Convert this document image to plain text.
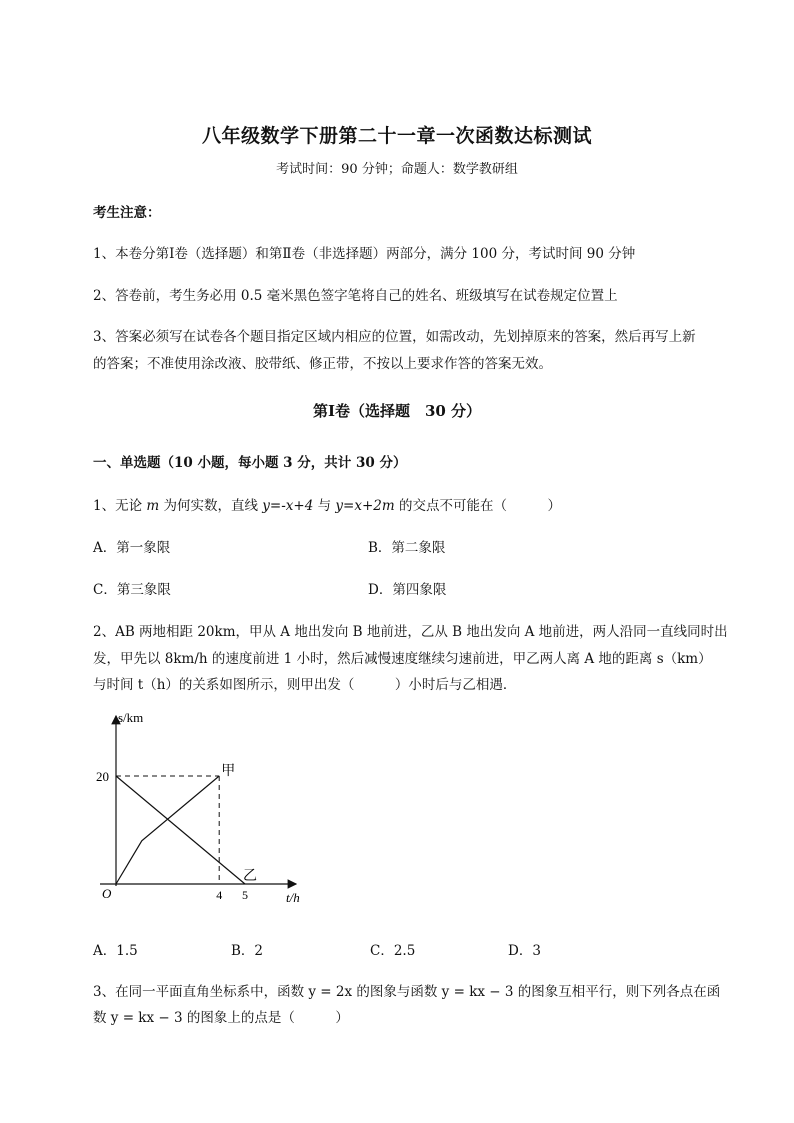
八年级数学下册第二十一章一次函数达标测试
考试时间：90 分钟；命题人：数学教研组
考生注意：
1、本卷分第Ⅰ卷（选择题）和第Ⅱ卷（非选择题）两部分，满分 100 分，考试时间 90 分钟
2、答卷前，考生务必用 0.5 毫米黑色签字笔将自己的姓名、班级填写在试卷规定位置上
3、答案必须写在试卷各个题目指定区域内相应的位置，如需改动，先划掉原来的答案，然后再写上新
的答案；不准使用涂改液、胶带纸、修正带，不按以上要求作答的答案无效。
第Ⅰ卷（选择题　30 分）
一、单选题（10 小题，每小题 3 分，共计 30 分）
1、无论 m 为何实数，直线 y=-x+4 与 y=x+2m 的交点不可能在（　　　）
A．第一象限	B．第二象限
C．第三象限	D．第四象限
2、AB 两地相距 20km，甲从 A 地出发向 B 地前进，乙从 B 地出发向 A 地前进，两人沿同一直线同时出
发，甲先以 8km/h 的速度前进 1 小时，然后减慢速度继续匀速前进，甲乙两人离 A 地的距离 s（km）
与时间 t（h）的关系如图所示，则甲出发（　　　）小时后与乙相遇．
s/km
t/h
O
20
4 5
甲
乙
A．1.5	B．2	C．2.5	D．3
3、在同一平面直角坐标系中，函数 y = 2x 的图象与函数 y = kx − 3 的图象互相平行，则下列各点在函
数 y = kx − 3 的图象上的点是（　　　）
